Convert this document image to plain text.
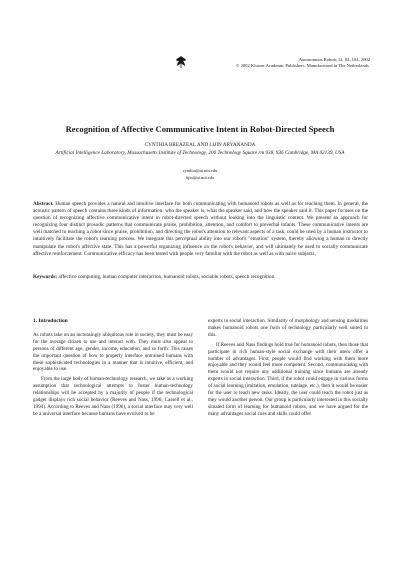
Autonomous Robots 12, 83–104, 2002
© 2002 Kluwer Academic Publishers. Manufactured in The Netherlands.
Recognition of Affective Communicative Intent in Robot-Directed Speech
CYNTHIA BREAZEAL AND LIJIN ARYANANDA
Artificial Intelligence Laboratory, Massachusetts Institute of Technology, 200 Technology Square rm 938, 936 Cambridge, MA 02139, USA
cynthia@ai.mit.edu
lijin@ai.mit.edu
Abstract. Human speech provides a natural and intuitive interface for both communicating with humanoid robots as well as for teaching them. In general, the acoustic pattern of speech contains three kinds of information: who the speaker is, what the speaker said, and how the speaker said it. This paper focuses on the question of recognizing affective communicative intent in robot-directed speech without looking into the linguistic content. We present an approach for recognizing four distinct prosodic patterns that communicate praise, prohibition, attention, and comfort to preverbal infants. These communicative intents are well matched to teaching a robot since praise, prohibition, and directing the robot's attention to relevant aspects of a task, could be used by a human instructor to intuitively facilitate the robot's learning process. We integrate this perceptual ability into our robot's "emotion" system, thereby allowing a human to directly manipulate the robot's affective state. This has a powerful organizing influence on the robot's behavior, and will ultimately be used to socially communicate affective reinforcement. Communicative efficacy has been tested with people very familiar with the robot as well as with naive subjects.
Keywords: affective computing, human computer interaction, humanoid robots, sociable robots, speech recognition
1. Introduction

As robots take on an increasingly ubiquitous role in society, they must be easy for the average citizen to use and interact with. They must also appeal to persons of different age, gender, income, education, and so forth. This raises the important question of how to properly interface untrained humans with these sophisticated technologies in a manner that is intuitive, efficient, and enjoyable to use.

From the large body of human-technology research, we take as a working assumption that technological attempts to foster human-technology relationships will be accepted by a majority of people if the technological gadget displays rich social behavior (Reeves and Nass, 1996; Cassell et al., 1994). According to Reeves and Nass (1996), a social interface may very well be a universal interface because humans have evolved to be

experts in social interaction. Similarity of morphology and sensing modalities makes humanoid robots one form of technology particularly well suited to this.

If Reeves and Nass findings hold true for humanoid robots, then those that participate in rich human-style social exchange with their users offer a number of advantages. First, people would find working with them more enjoyable and they would feel more competent. Second, communicating with them would not require any additional training since humans are already experts in social interaction. Third, if the robot could engage in various forms of social learning (imitation, emulation, tutelage, etc.), then it would be easier for the user to teach new tasks. Ideally, the user could teach the robot just as they would another person. Our group is particularly interested in this socially situated form of learning for humanoid robots, and we have argued for the many advantages social cues and skills could offer
